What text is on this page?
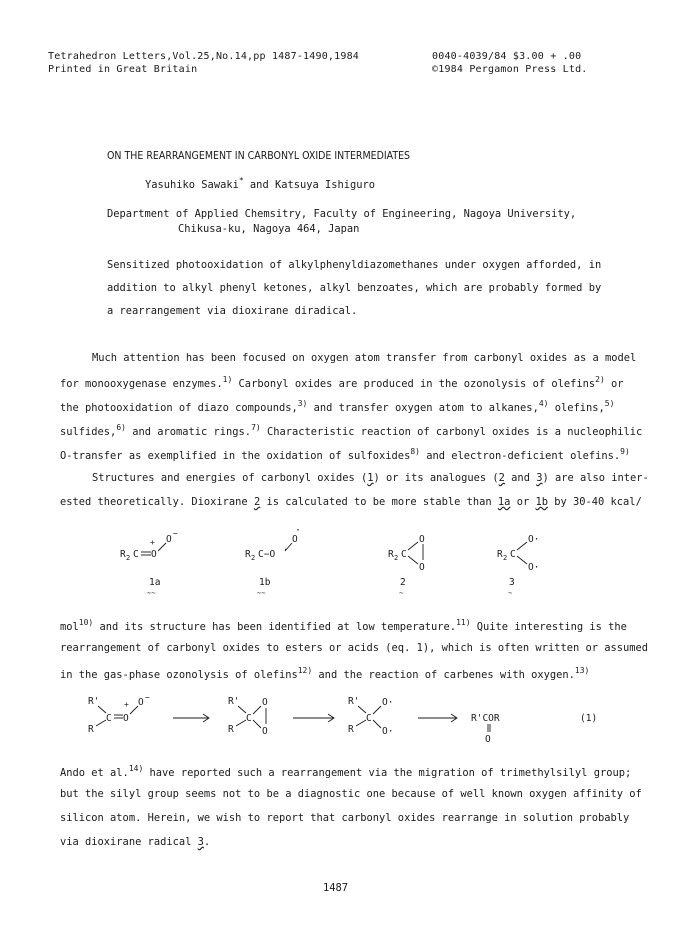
Tetrahedron Letters,Vol.25,No.14,pp 1487-1490,1984	0040-4039/84 $3.00 + .00
Printed in Great Britain	©1984 Pergamon Press Ltd.
ON THE REARRANGEMENT IN CARBONYL OXIDE INTERMEDIATES
Yasuhiko Sawaki* and Katsuya Ishiguro
Department of Applied Chemsitry, Faculty of Engineering, Nagoya University,
Chikusa-ku, Nagoya 464, Japan
Sensitized photooxidation of alkylphenyldiazomethanes under oxygen afforded, in
addition to alkyl phenyl ketones, alkyl benzoates, which are probably formed by
a rearrangement via dioxirane diradical.
Much attention has been focused on oxygen atom transfer from carbonyl oxides as a model
for monooxygenase enzymes.$^{1)}$ Carbonyl oxides are produced in the ozonolysis of olefins$^{2)}$ or
the photooxidation of diazo compounds,$^{3)}$ and transfer oxygen atom to alkanes,$^{4)}$ olefins,$^{5)}$
sulfides,$^{6)}$ and aromatic rings.$^{7)}$ Characteristic reaction of carbonyl oxides is a nucleophilic
O-transfer as exemplified in the oxidation of sulfoxides$^{8)}$ and electron-deficient olefins.$^{9)}$
Structures and energies of carbonyl oxides (1) or its analogues (2 and 3) are also inter-
ested theoretically. Dioxirane 2 is calculated to be more stable than 1a or 1b by 30-40 kcal/
R 2 C O
+ O
−
1a
∼∼
R 2 C−O ·
O
·
1b
∼∼
R 2 C
O
O
2
∼
R 2 C
O·
O·
3
∼
mol$^{10)}$ and its structure has been identified at low temperature.$^{11)}$ Quite interesting is the
rearrangement of carbonyl oxides to esters or acids (eq. 1), which is often written or assumed
in the gas-phase ozonolysis of olefins$^{12)}$ and the reaction of carbenes with oxygen.$^{13)}$
R'
R
C O
+ O −	R'
R
C
O
O
R'
R
C
O·
O·
R'COR
O
(1)
Ando et al.$^{14)}$ have reported such a rearrangement via the migration of trimethylsilyl group;
but the silyl group seems not to be a diagnostic one because of well known oxygen affinity of
silicon atom. Herein, we wish to report that carbonyl oxides rearrange in solution probably
via dioxirane radical 3.
1487
